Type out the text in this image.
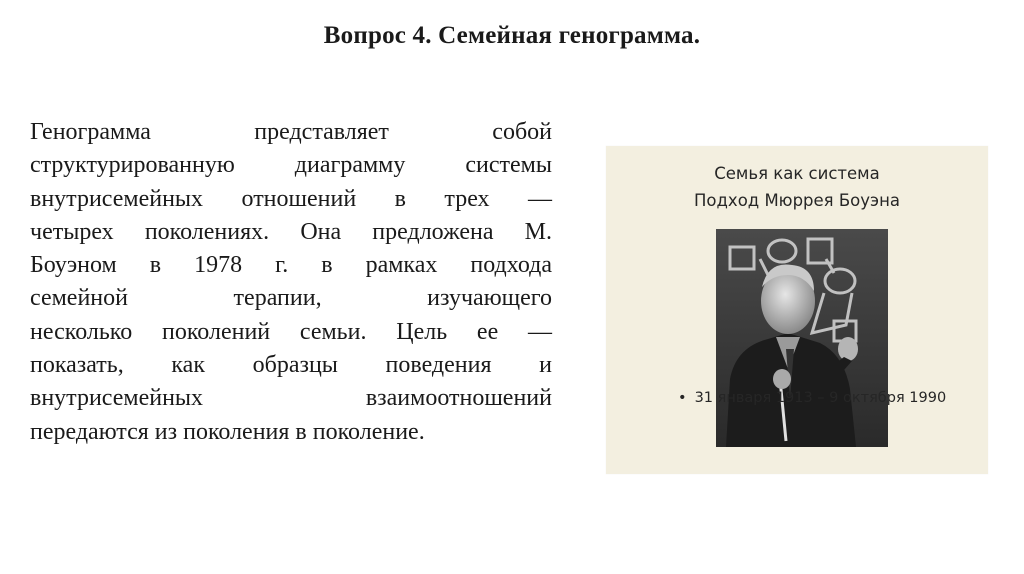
Вопрос 4. Семейная генограмма.
Генограмма представляет собой
структурированную диаграмму системы
внутрисемейных отношений в трех —
четырех поколениях. Она предложена М.
Боуэном в 1978 г. в рамках подхода
семейной терапии, изучающего
несколько поколений семьи. Цель ее —
показать, как образцы поведения и
внутрисемейных взаимоотношений
передаются из поколения в поколение.
Семья как система
Подход Мюррея Боуэна
• 31 января 1913 – 9 октября 1990
